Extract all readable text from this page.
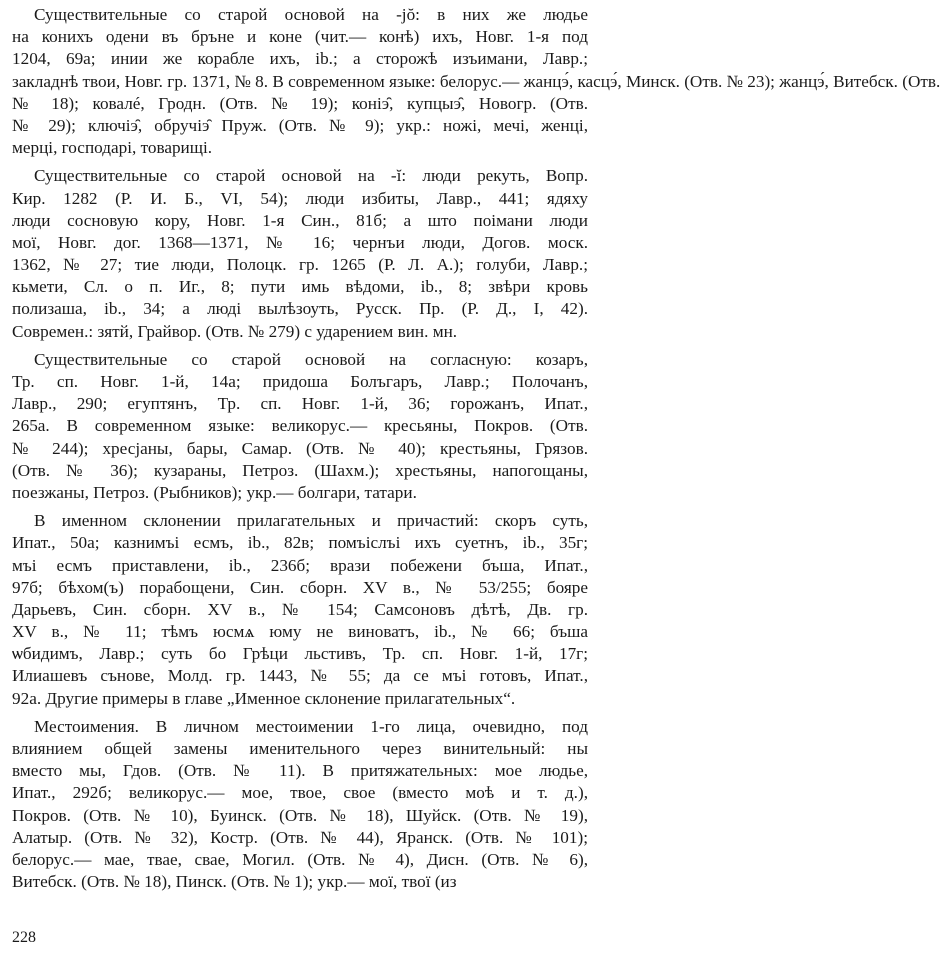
Существительные со старой основой на -jŏ: в них же людье
на конихъ одени въ бръне и коне (чит.— конѣ) ихъ, Новг. 1-я под
1204, 69а; инии же корабле ихъ, ib.; а сторожѣ изъимани, Лавр.;
закладнѣ твои, Новг. гр. 1371, № 8. В современном языке: белорус.— жанцэ́, касцэ́, Минск. (Отв. № 23); жанцэ́, Витебск. (Отв.
№ 18); ковалé, Гродн. (Отв. № 19); коніэ̑, купцыэ̑, Новогр. (Отв.
№ 29); ключіэ̑, обручіэ̑ Пруж. (Отв. № 9); укр.: ножі, мечі, женці,
мерці, господарі, товарищі.
Существительные со старой основой на -ĭ: люди рекуть, Вопр.
Кир. 1282 (Р. И. Б., VI, 54); люди избиты, Лавр., 441; ядяху
люди сосновую кору, Новг. 1-я Син., 81б; а што поімани люди
мої, Новг. дог. 1368—1371, № 16; чернъи люди, Догов. моск.
1362, № 27; тие люди, Полоцк. гр. 1265 (Р. Л. А.); голуби, Лавр.;
кьмети, Сл. о п. Иг., 8; пути имь вѣдоми, ib., 8; звѣри кровь
полизаша, ib., 34; а людi вылѣзоуть, Русск. Пр. (Р. Д., I, 42).
Современ.: зятй, Грайвор. (Отв. № 279) с ударением вин. мн.
Существительные со старой основой на согласную: козаръ,
Тр. сп. Новг. 1-й, 14а; придоша Болъгаръ, Лавр.; Полочанъ,
Лавр., 290; егуптянъ, Тр. сп. Новг. 1-й, 36; горожанъ, Ипат.,
265а. В современном языке: великорус.— кресьяны, Покров. (Отв.
№ 244); хресjаны, бары, Самар. (Отв. № 40); крестьяны, Грязов.
(Отв. № 36); кузараны, Петроз. (Шахм.); хрестьяны, напогощаны,
поезжаны, Петроз. (Рыбников); укр.— болгари, татари.
В именном склонении прилагательных и причастий: скоръ суть,
Ипат., 50а; казнимъі есмъ, ib., 82в; помъіслъі ихъ суетнъ, ib., 35г;
мъі есмъ приставлени, ib., 236б; врази побежени бъша, Ипат.,
97б; бѣхом(ъ) порабощени, Син. сборн. XV в., № 53/255; бояре
Дарьевъ, Син. сборн. XV в., № 154; Самсоновъ дѣтѣ, Дв. гр.
XV в., № 11; тѣмъ юсмѧ юму не виноватъ, ib., № 66; бъша
ѡбидимъ, Лавр.; суть бо Грѣци льстивъ, Тр. сп. Новг. 1-й, 17г;
Илиашевъ сънове, Молд. гр. 1443, № 55; да се мъі готовъ, Ипат.,
92а. Другие примеры в главе „Именное склонение прилагательных“.
Местоимения. В личном местоимении 1-го лица, очевидно, под
влиянием общей замены именительного через винительный: ны
вместо мы, Гдов. (Отв. № 11). В притяжательных: мое людье,
Ипат., 292б; великорус.— мое, твое, свое (вместо моѣ и т. д.),
Покров. (Отв. № 10), Буинск. (Отв. № 18), Шуйск. (Отв. № 19),
Алатыр. (Отв. № 32), Костр. (Отв. № 44), Яранск. (Отв. № 101);
белорус.— мае, твае, свае, Могил. (Отв. № 4), Дисн. (Отв. № 6),
Витебск. (Отв. № 18), Пинск. (Отв. № 1); укр.— мої, твої (из
228
